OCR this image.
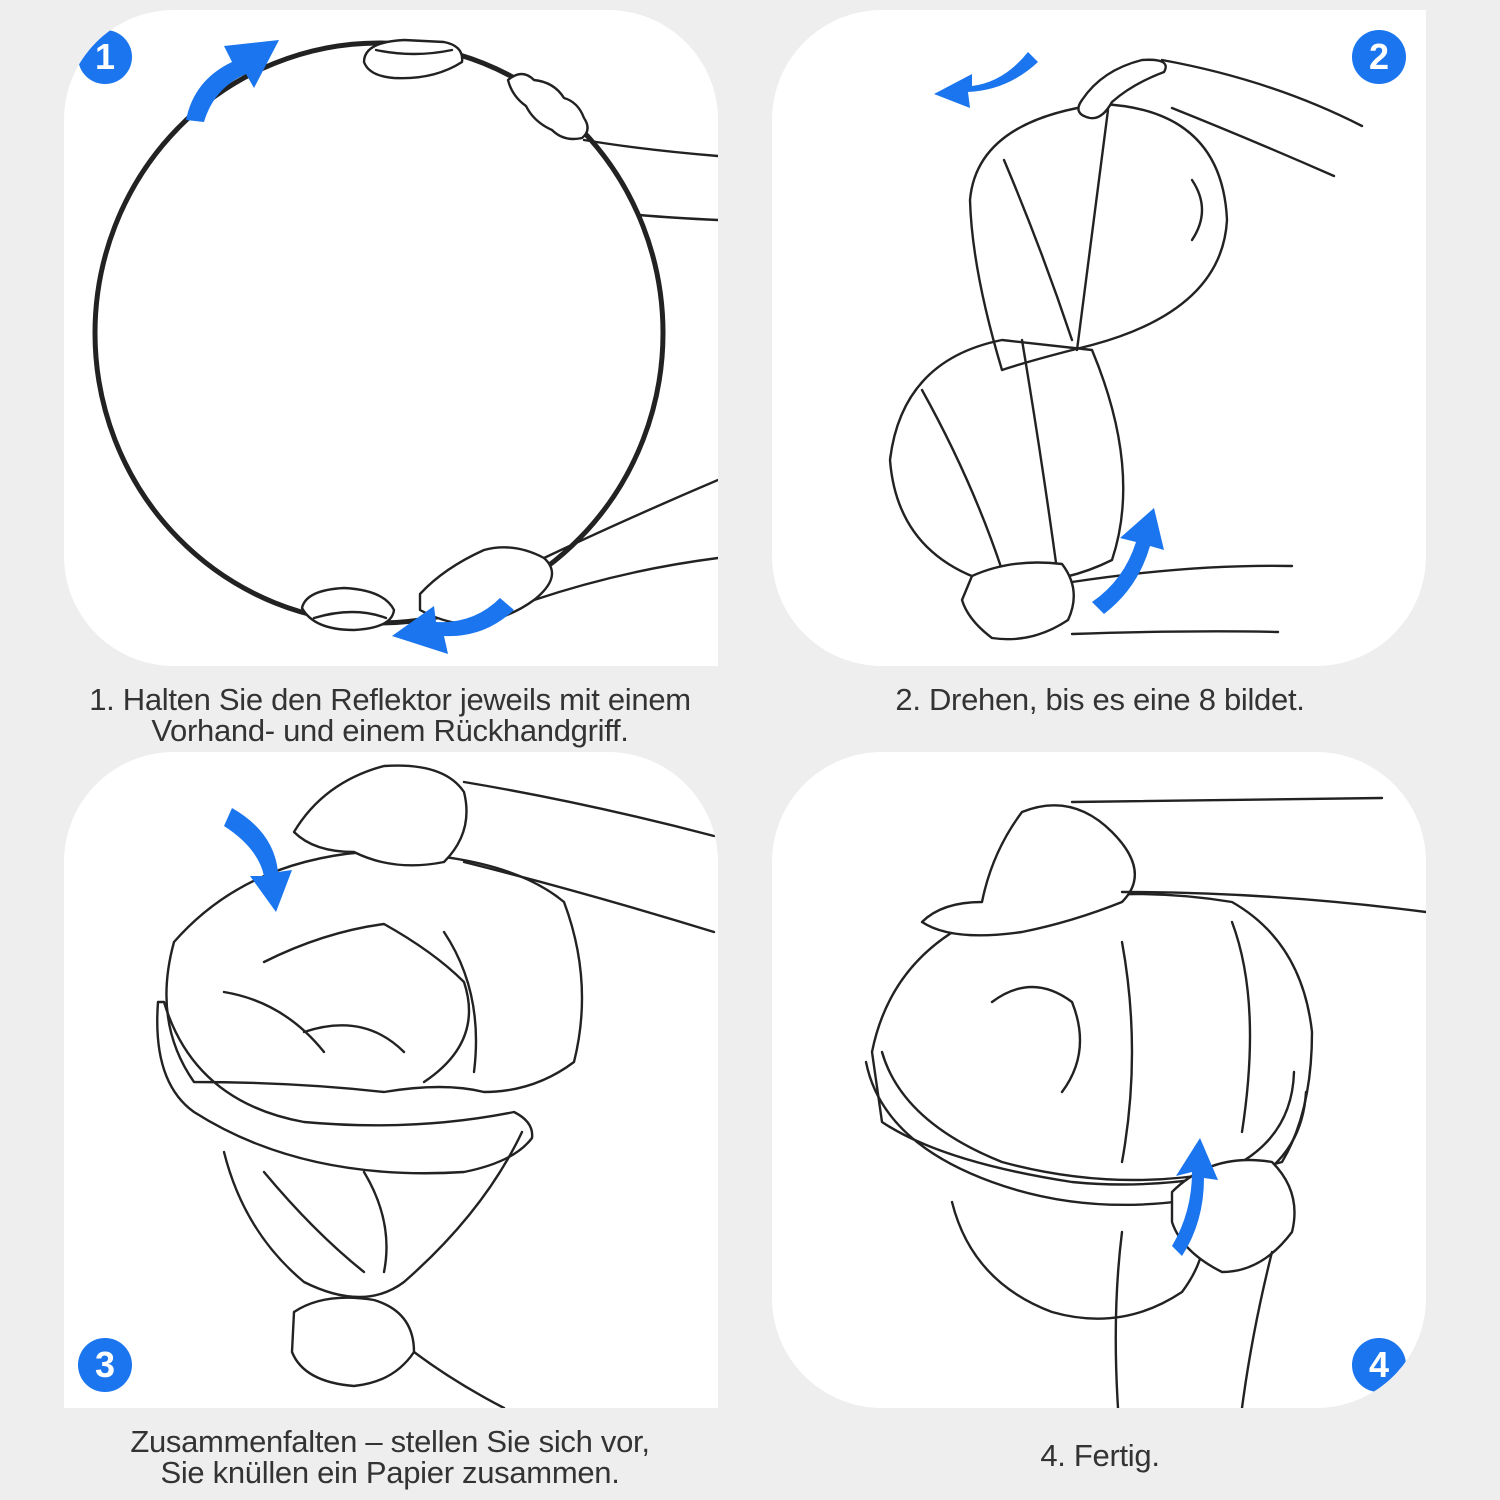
1	2
3	4
1. Halten Sie den Reflektor jeweils mit einem
Vorhand- und einem Rückhandgriff.
2. Drehen, bis es eine 8 bildet.
Zusammenfalten – stellen Sie sich vor,
Sie knüllen ein Papier zusammen.	4. Fertig.
